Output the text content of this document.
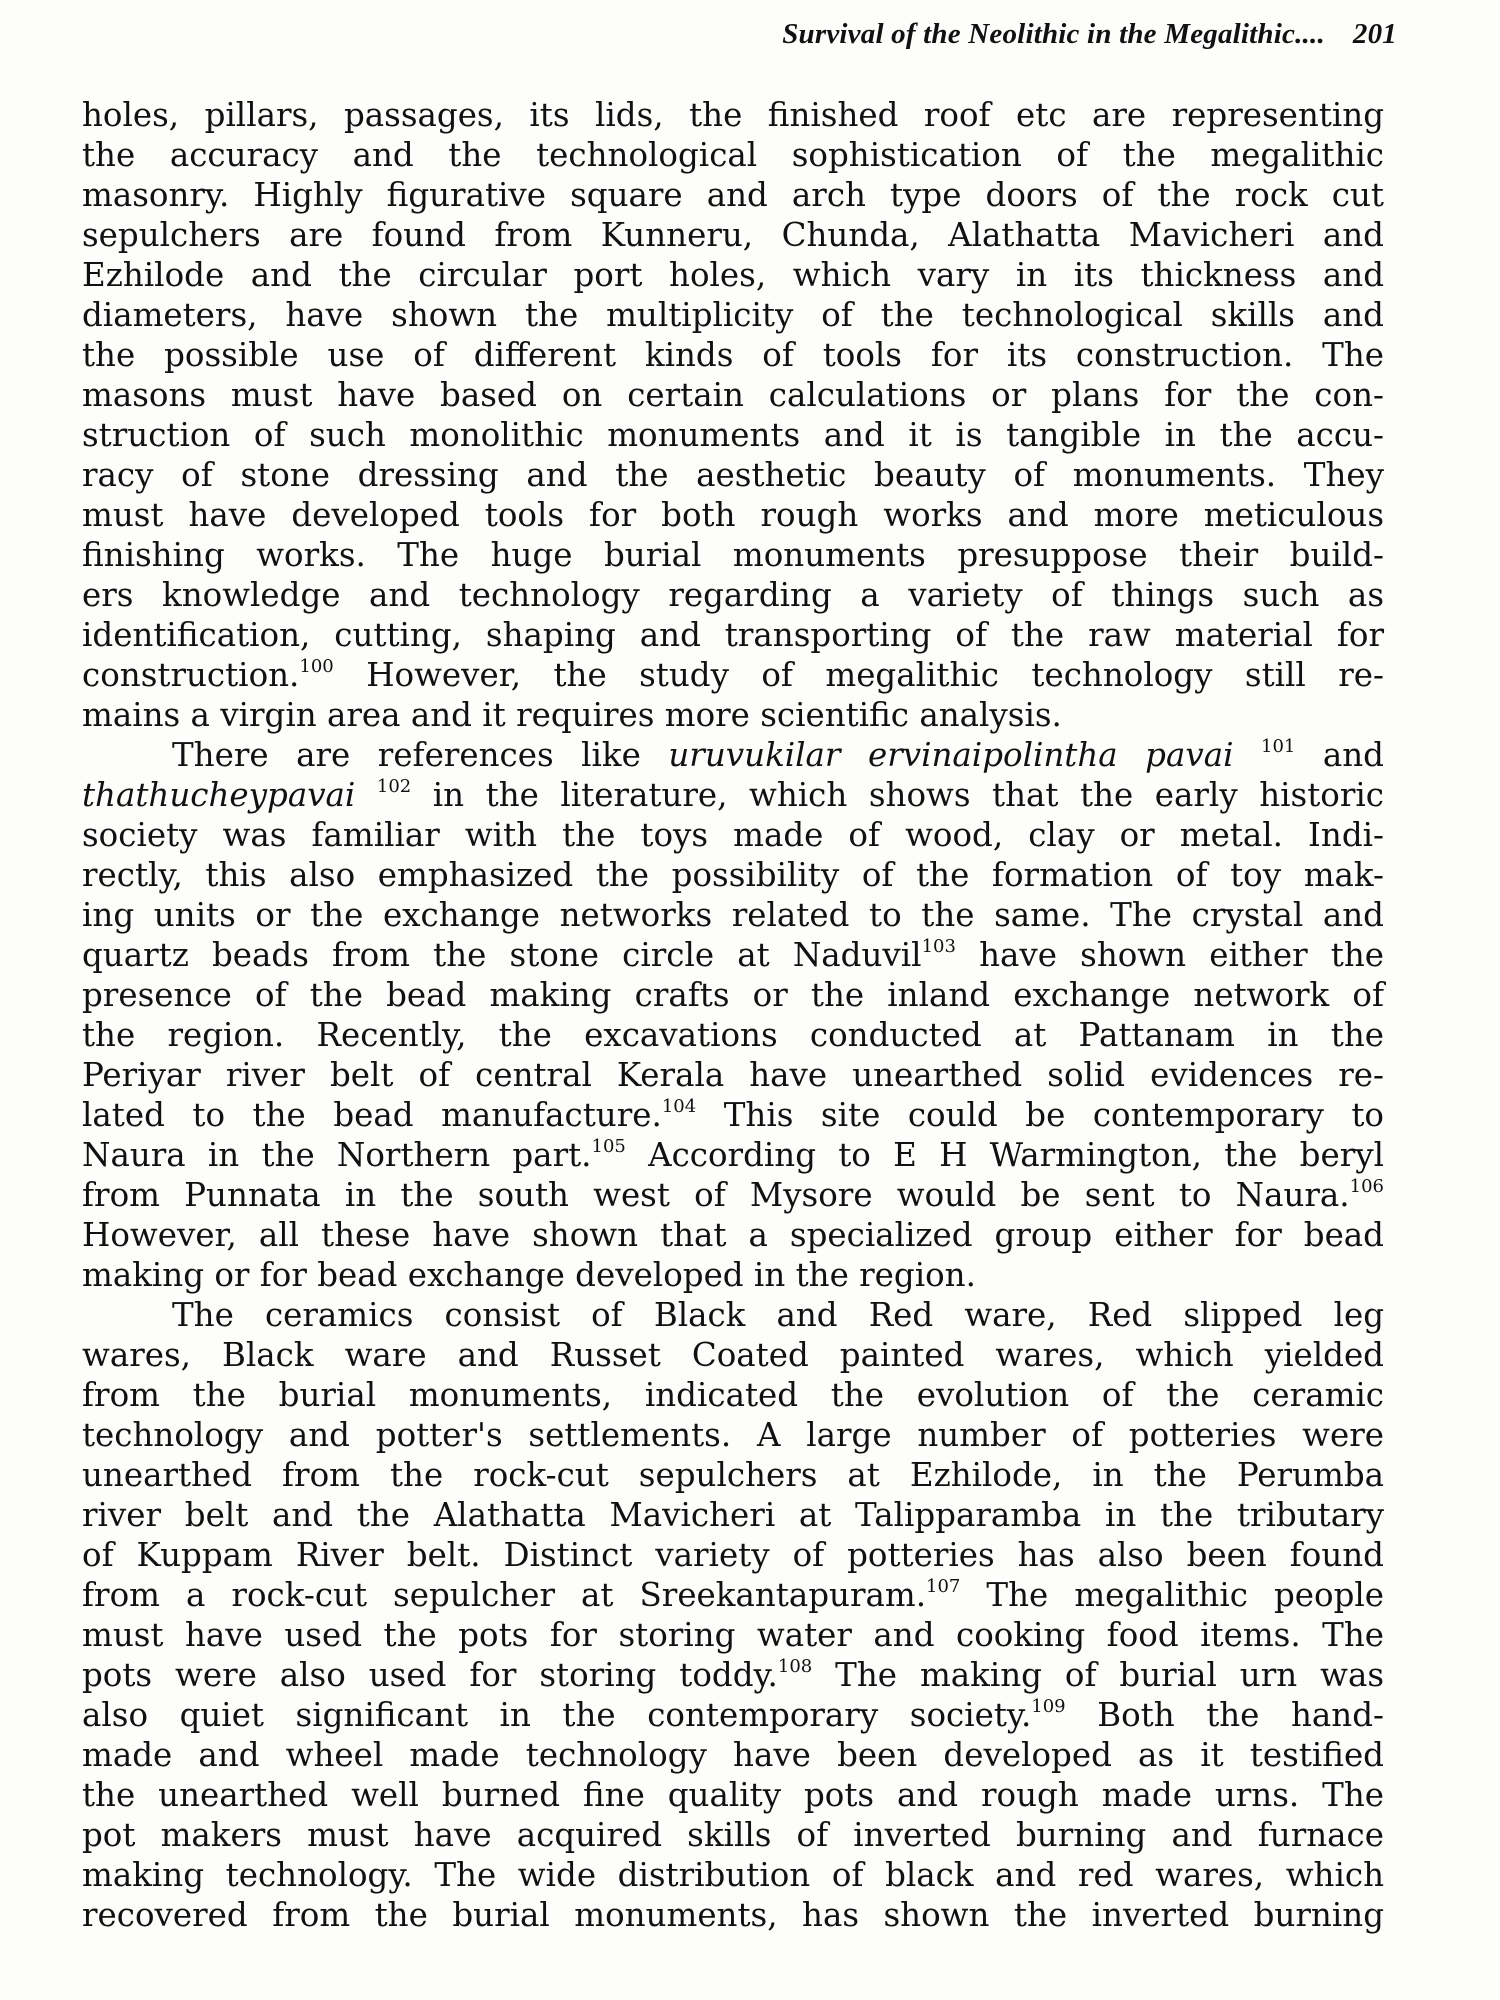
Survival of the Neolithic in the Megalithic.... 201
holes, pillars, passages, its lids, the finished roof etc are representing
the accuracy and the technological sophistication of the megalithic
masonry. Highly figurative square and arch type doors of the rock cut
sepulchers are found from Kunneru, Chunda, Alathatta Mavicheri and
Ezhilode and the circular port holes, which vary in its thickness and
diameters, have shown the multiplicity of the technological skills and
the possible use of different kinds of tools for its construction. The
masons must have based on certain calculations or plans for the con-
struction of such monolithic monuments and it is tangible in the accu-
racy of stone dressing and the aesthetic beauty of monuments. They
must have developed tools for both rough works and more meticulous
finishing works. The huge burial monuments presuppose their build-
ers knowledge and technology regarding a variety of things such as
identification, cutting, shaping and transporting of the raw material for
construction.$^{100}$ However, the study of megalithic technology still re-
mains a virgin area and it requires more scientific analysis.
There are references like uruvukilar ervinaipolintha pavai $^{101}$ and
thathucheypavai $^{102}$ in the literature, which shows that the early historic
society was familiar with the toys made of wood, clay or metal. Indi-
rectly, this also emphasized the possibility of the formation of toy mak-
ing units or the exchange networks related to the same. The crystal and
quartz beads from the stone circle at Naduvil$^{103}$ have shown either the
presence of the bead making crafts or the inland exchange network of
the region. Recently, the excavations conducted at Pattanam in the
Periyar river belt of central Kerala have unearthed solid evidences re-
lated to the bead manufacture.$^{104}$ This site could be contemporary to
Naura in the Northern part.$^{105}$ According to E H Warmington, the beryl
from Punnata in the south west of Mysore would be sent to Naura.$^{106}$
However, all these have shown that a specialized group either for bead
making or for bead exchange developed in the region.
The ceramics consist of Black and Red ware, Red slipped leg
wares, Black ware and Russet Coated painted wares, which yielded
from the burial monuments, indicated the evolution of the ceramic
technology and potter's settlements. A large number of potteries were
unearthed from the rock-cut sepulchers at Ezhilode, in the Perumba
river belt and the Alathatta Mavicheri at Talipparamba in the tributary
of Kuppam River belt. Distinct variety of potteries has also been found
from a rock-cut sepulcher at Sreekantapuram.$^{107}$ The megalithic people
must have used the pots for storing water and cooking food items. The
pots were also used for storing toddy.$^{108}$ The making of burial urn was
also quiet significant in the contemporary society.$^{109}$ Both the hand-
made and wheel made technology have been developed as it testified
the unearthed well burned fine quality pots and rough made urns. The
pot makers must have acquired skills of inverted burning and furnace
making technology. The wide distribution of black and red wares, which
recovered from the burial monuments, has shown the inverted burning
